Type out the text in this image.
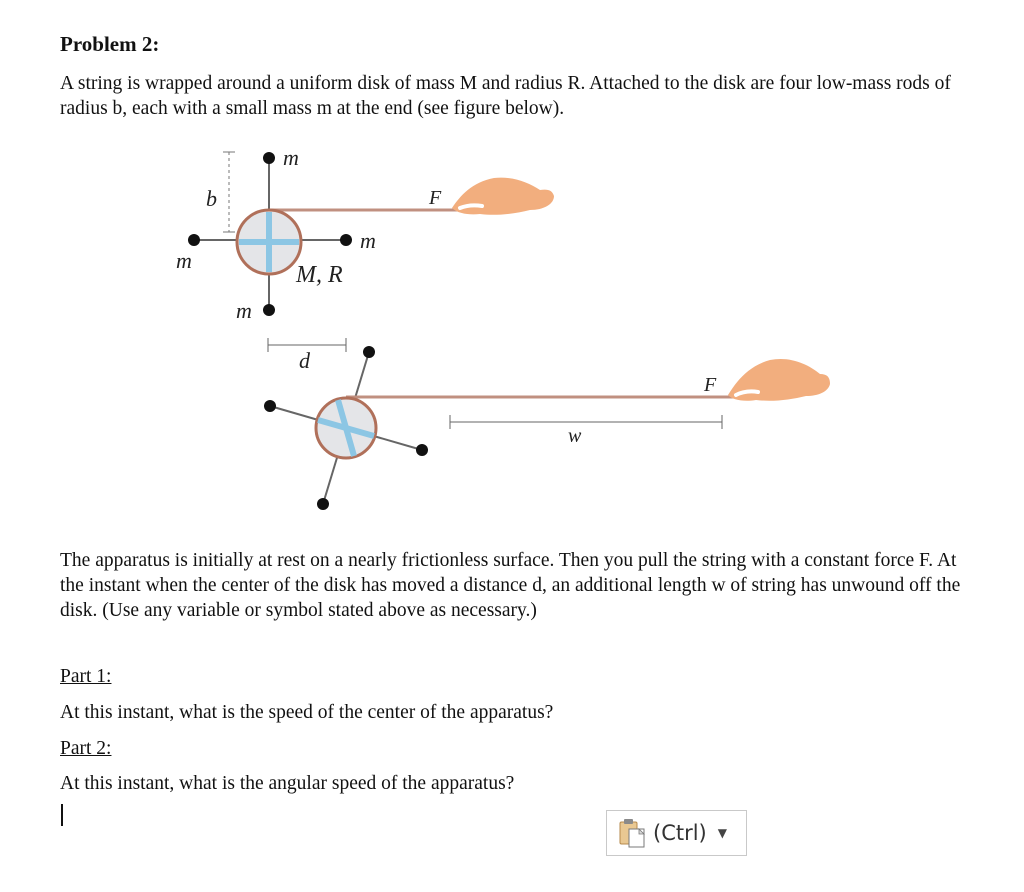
Problem 2:
A string is wrapped around a uniform disk of mass M and radius R. Attached to the disk are four low-mass rods of radius b, each with a small mass m at the end (see figure below).
m
m
m
m
b
M, R
F
d
F
w
The apparatus is initially at rest on a nearly frictionless surface. Then you pull the string with a constant force F. At the instant when the center of the disk has moved a distance d, an additional length w of string has unwound off the disk. (Use any variable or symbol stated above as necessary.)
Part 1:
At this instant, what is the speed of the center of the apparatus?
Part 2:
At this instant, what is the angular speed of the apparatus?
(Ctrl) ▼
